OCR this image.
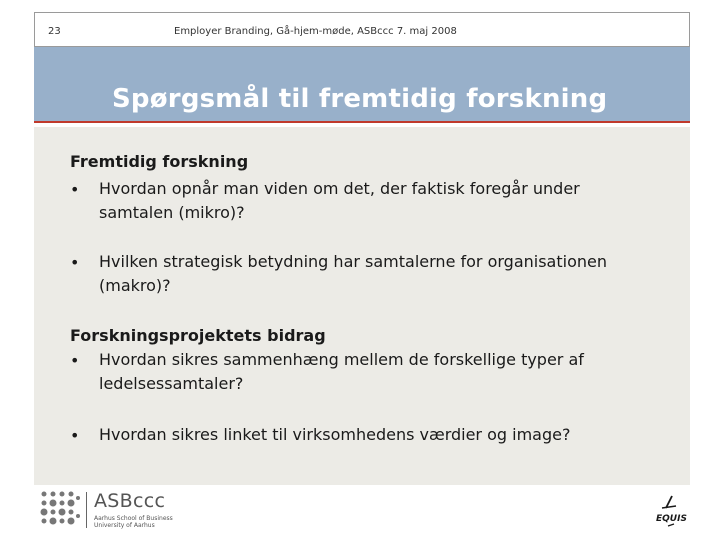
23	Employer Branding, Gå-hjem-møde, ASBccc 7. maj 2008
Spørgsmål til fremtidig forskning
Fremtidig forskning
• Hvordan opnår man viden om det, der faktisk foregår under samtalen (mikro)?
• Hvilken strategisk betydning har samtalerne for organisationen (makro)?
Forskningsprojektets bidrag
• Hvordan sikres sammenhæng mellem de forskellige typer af ledelsessamtaler?
• Hvordan sikres linket til virksomhedens værdier og image?
ASBccc
Aarhus School of Business
University of Aarhus
EQUIS
